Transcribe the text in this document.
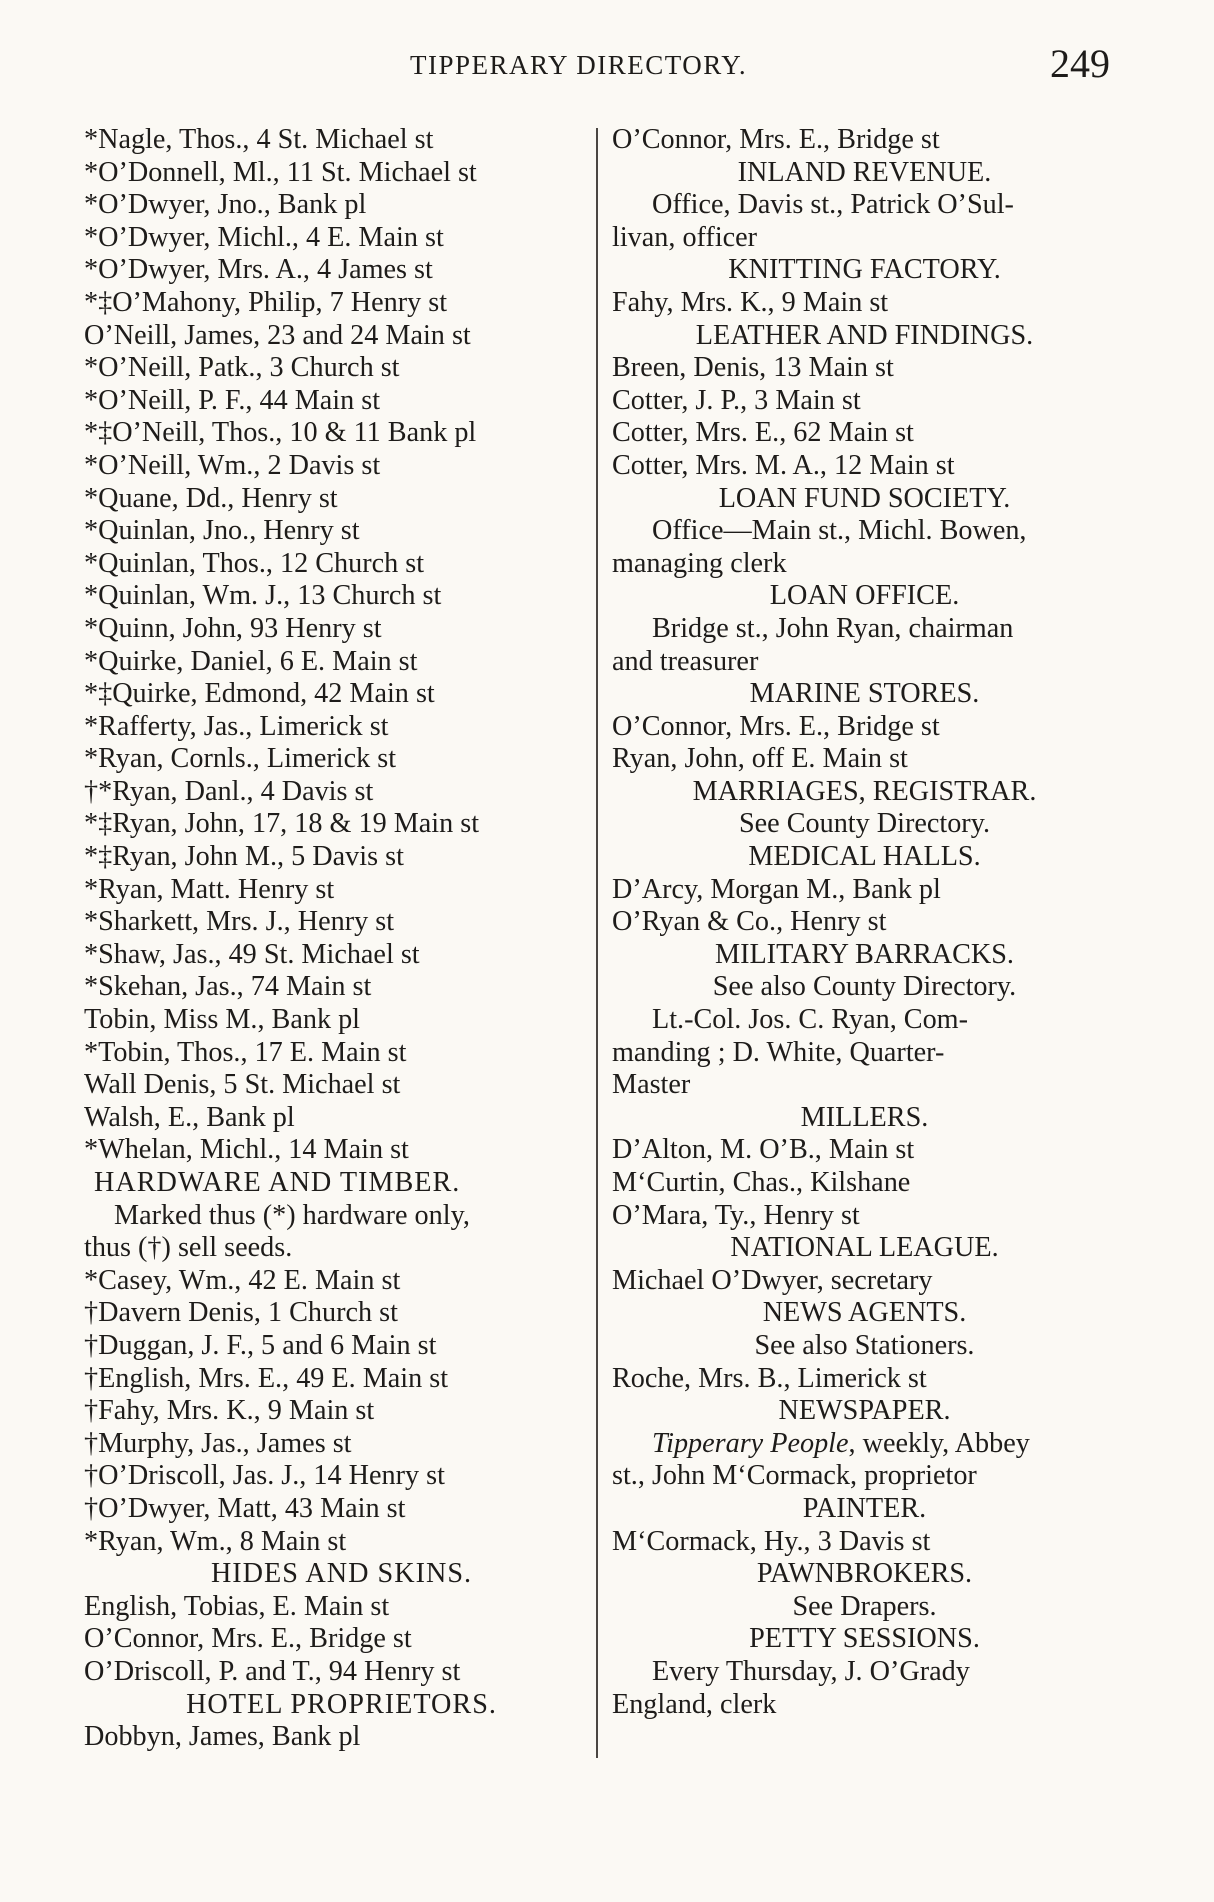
TIPPERARY DIRECTORY.	249
*Nagle, Thos., 4 St. Michael st
*O’Donnell, Ml., 11 St. Michael st
*O’Dwyer, Jno., Bank pl
*O’Dwyer, Michl., 4 E. Main st
*O’Dwyer, Mrs. A., 4 James st
*‡O’Mahony, Philip, 7 Henry st
O’Neill, James, 23 and 24 Main st
*O’Neill, Patk., 3 Church st
*O’Neill, P. F., 44 Main st
*‡O’Neill, Thos., 10 & 11 Bank pl
*O’Neill, Wm., 2 Davis st
*Quane, Dd., Henry st
*Quinlan, Jno., Henry st
*Quinlan, Thos., 12 Church st
*Quinlan, Wm. J., 13 Church st
*Quinn, John, 93 Henry st
*Quirke, Daniel, 6 E. Main st
*‡Quirke, Edmond, 42 Main st
*Rafferty, Jas., Limerick st
*Ryan, Cornls., Limerick st
†*Ryan, Danl., 4 Davis st
*‡Ryan, John, 17, 18 & 19 Main st
*‡Ryan, John M., 5 Davis st
*Ryan, Matt. Henry st
*Sharkett, Mrs. J., Henry st
*Shaw, Jas., 49 St. Michael st
*Skehan, Jas., 74 Main st
Tobin, Miss M., Bank pl
*Tobin, Thos., 17 E. Main st
Wall Denis, 5 St. Michael st
Walsh, E., Bank pl
*Whelan, Michl., 14 Main st
HARDWARE AND TIMBER.
Marked thus (*) hardware only,
thus (†) sell seeds.
*Casey, Wm., 42 E. Main st
†Davern Denis, 1 Church st
†Duggan, J. F., 5 and 6 Main st
†English, Mrs. E., 49 E. Main st
†Fahy, Mrs. K., 9 Main st
†Murphy, Jas., James st
†O’Driscoll, Jas. J., 14 Henry st
†O’Dwyer, Matt, 43 Main st
*Ryan, Wm., 8 Main st
HIDES AND SKINS.
English, Tobias, E. Main st
O’Connor, Mrs. E., Bridge st
O’Driscoll, P. and T., 94 Henry st
HOTEL PROPRIETORS.
Dobbyn, James, Bank pl
O’Connor, Mrs. E., Bridge st
INLAND REVENUE.
Office, Davis st., Patrick O’Sul-
livan, officer
KNITTING FACTORY.
Fahy, Mrs. K., 9 Main st
LEATHER AND FINDINGS.
Breen, Denis, 13 Main st
Cotter, J. P., 3 Main st
Cotter, Mrs. E., 62 Main st
Cotter, Mrs. M. A., 12 Main st
LOAN FUND SOCIETY.
Office—Main st., Michl. Bowen,
managing clerk
LOAN OFFICE.
Bridge st., John Ryan, chairman
and treasurer
MARINE STORES.
O’Connor, Mrs. E., Bridge st
Ryan, John, off E. Main st
MARRIAGES, REGISTRAR.
See County Directory.
MEDICAL HALLS.
D’Arcy, Morgan M., Bank pl
O’Ryan & Co., Henry st
MILITARY BARRACKS.
See also County Directory.
Lt.-Col. Jos. C. Ryan, Com-
manding ; D. White, Quarter-
Master
MILLERS.
D’Alton, M. O’B., Main st
M‘Curtin, Chas., Kilshane
O’Mara, Ty., Henry st
NATIONAL LEAGUE.
Michael O’Dwyer, secretary
NEWS AGENTS.
See also Stationers.
Roche, Mrs. B., Limerick st
NEWSPAPER.
Tipperary People, weekly, Abbey
st., John M‘Cormack, proprietor
PAINTER.
M‘Cormack, Hy., 3 Davis st
PAWNBROKERS.
See Drapers.
PETTY SESSIONS.
Every Thursday, J. O’Grady
England, clerk
